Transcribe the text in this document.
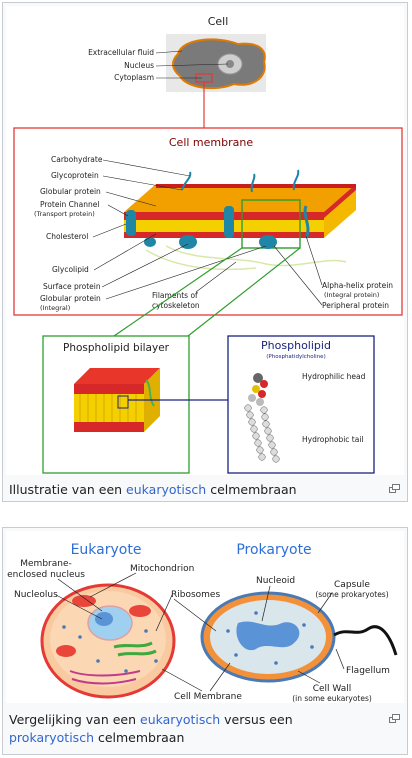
Cell
Extracellular fluid
Nucleus
Cytoplasm
Cell membrane
Carbohydrate
Glycoprotein
Globular protein
Protein Channel
(Transport protein)
Cholesterol
Glycolipid
Surface protein
Globular protein
(Integral)
Filaments of
cytoskeleton
Alpha-helix protein
(Integral protein)
Peripheral protein
Phospholipid bilayer	Phospholipid
(Phosphatidylcholine)
Hydrophilic head
Hydrophobic tail
Illustratie van een eukaryotisch celmembraan
Eukaryote	Prokaryote
Membrane-
enclosed nucleus
Mitochondrion
Nucleolus	Ribosomes
Nucleoid	Capsule
(some prokaryotes)
Flagellum
Cell Membrane
Cell Wall
(in some eukaryotes)
Vergelijking van een eukaryotisch versus een prokaryotisch celmembraan
